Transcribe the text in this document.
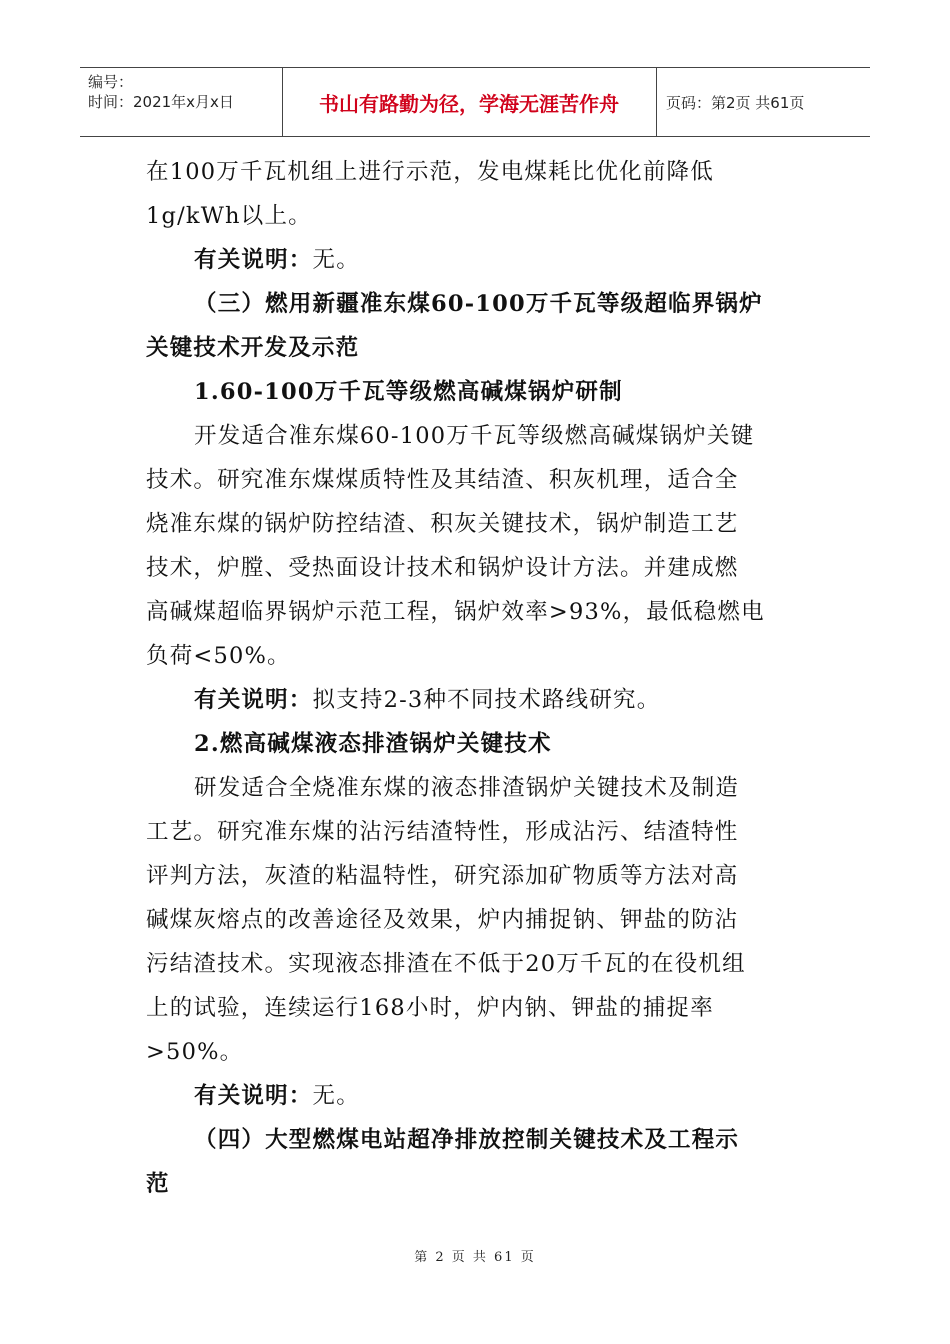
编号：
时间：2021年x月x日	书山有路勤为径，学海无涯苦作舟	页码：第2页 共61页
在100万千瓦机组上进行示范，发电煤耗比优化前降低
1g/kWh以上。
有关说明：无。
（三）燃用新疆准东煤60-100万千瓦等级超临界锅炉
关键技术开发及示范
1.60-100万千瓦等级燃高碱煤锅炉研制
开发适合准东煤60-100万千瓦等级燃高碱煤锅炉关键
技术。研究准东煤煤质特性及其结渣、积灰机理，适合全
烧准东煤的锅炉防控结渣、积灰关键技术，锅炉制造工艺
技术，炉膛、受热面设计技术和锅炉设计方法。并建成燃
高碱煤超临界锅炉示范工程，锅炉效率>93%，最低稳燃电
负荷<50%。
有关说明：拟支持2-3种不同技术路线研究。
2.燃高碱煤液态排渣锅炉关键技术
研发适合全烧准东煤的液态排渣锅炉关键技术及制造
工艺。研究准东煤的沾污结渣特性，形成沾污、结渣特性
评判方法，灰渣的粘温特性，研究添加矿物质等方法对高
碱煤灰熔点的改善途径及效果，炉内捕捉钠、钾盐的防沾
污结渣技术。实现液态排渣在不低于20万千瓦的在役机组
上的试验，连续运行168小时，炉内钠、钾盐的捕捉率
>50%。
有关说明：无。
（四）大型燃煤电站超净排放控制关键技术及工程示
范
第 2 页 共 61 页
